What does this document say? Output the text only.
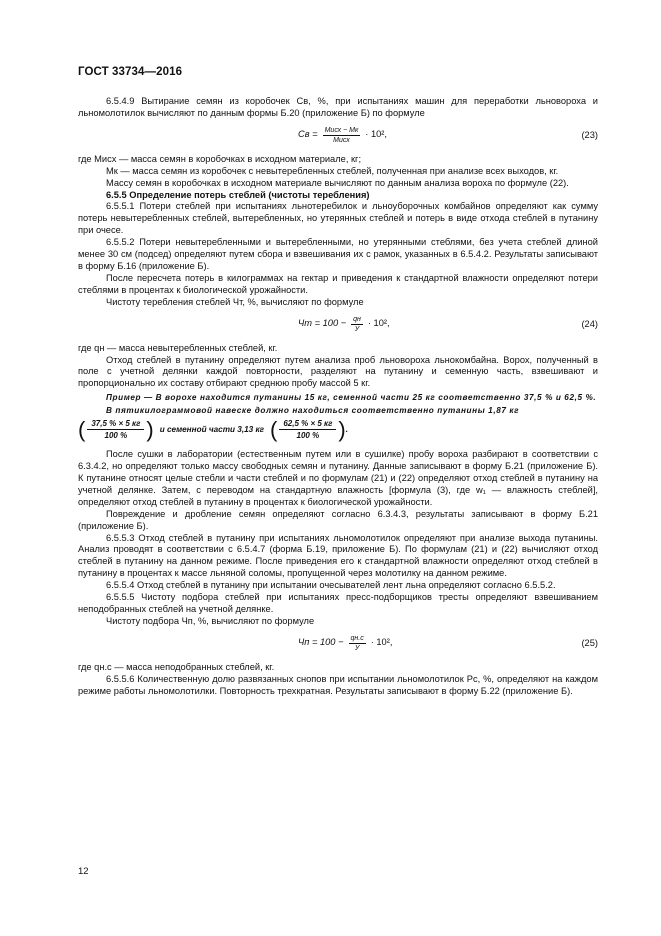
ГОСТ 33734—2016

6.5.4.9 Вытирание семян из коробочек Св, %, при испытаниях машин для переработки льновороха и льномолотилок вычисляют по данным формы Б.20 (приложение Б) по формуле

Св = $\frac{\text{Мисх − Мк}}{\text{Мисх}} \cdot 10^2$,	(23)

где Мисх — масса семян в коробочках в исходном материале, кг;

Мк — масса семян из коробочек с невытеребленных стеблей, полученная при анализе всех выходов, кг.

Массу семян в коробочках в исходном материале вычисляют по данным анализа вороха по формуле (22).

6.5.5 Определение потерь стеблей (чистоты теребления)

6.5.5.1 Потери стеблей при испытаниях льнотеребилок и льноуборочных комбайнов определяют как сумму потерь невытеребленных стеблей, вытеребленных, но утерянных стеблей и потерь в виде отхода стеблей в путанину при очесе.

6.5.5.2 Потери невытеребленными и вытеребленными, но утерянными стеблями, без учета стеблей длиной менее 30 см (подсед) определяют путем сбора и взвешивания их с рамок, указанных в 6.5.4.2. Результаты записывают в форму Б.16 (приложение Б).

После пересчета потерь в килограммах на гектар и приведения к стандартной влажности определяют потери стеблями в процентах к биологической урожайности.

Чистоту теребления стеблей Чт, %, вычисляют по формуле

Чт = $100 - \frac{qн}{У} \cdot 10^2$,	(24)

где qн — масса невытеребленных стеблей, кг.

Отход стеблей в путанину определяют путем анализа проб льновороха льнокомбайна. Ворох, полученный в поле с учетной делянки каждой повторности, разделяют на путанину и семенную часть, взвешивают и пропорционально их составу отбирают среднюю пробу массой 5 кг.

Пример — В ворохе находится путанины 15 кг, семенной части 25 кг соответственно 37,5 % и 62,5 %.

В пятикилограммовой навеске должно находиться соответственно путанины 1,87 кг

( 37,5 % × 5 кг
100 % ) и семенной части 3,13 кг ( 62,5 % × 5 кг
100 % ) .

После сушки в лаборатории (естественным путем или в сушилке) пробу вороха разбирают в соответствии с 6.3.4.2, но определяют только массу свободных семян и путанину. Данные записывают в форму Б.21 (приложение Б). К путанине относят целые стебли и части стеблей и по формулам (21) и (22) определяют отход стеблей в путанину на учетной делянке. Затем, с переводом на стандартную влажность [формула (3), где w₁ — влажность стеблей], определяют отход стеблей в путанину в процентах к биологической урожайности.

Повреждение и дробление семян определяют согласно 6.3.4.3, результаты записывают в форму Б.21 (приложение Б).

6.5.5.3 Отход стеблей в путанину при испытаниях льномолотилок определяют при анализе выхода путанины. Анализ проводят в соответствии с 6.5.4.7 (форма Б.19, приложение Б). По формулам (21) и (22) вычисляют отход стеблей в путанину на данном режиме. После приведения его к стандартной влажности определяют отход стеблей в путанину в процентах к массе льняной соломы, пропущенной через молотилку на данном режиме.

6.5.5.4 Отход стеблей в путанину при испытании очесывателей лент льна определяют согласно 6.5.5.2.

6.5.5.5 Чистоту подбора стеблей при испытаниях пресс-подборщиков тресты определяют взвешиванием неподобранных стеблей на учетной делянке.

Чистоту подбора Чп, %, вычисляют по формуле

Чп = $100 - \frac{qн.с}{У} \cdot 10^2$,	(25)

где qн.с — масса неподобранных стеблей, кг.

6.5.5.6 Количественную долю развязанных снопов при испытании льномолотилок Рс, %, определяют на каждом режиме работы льномолотилки. Повторность трехкратная. Результаты записывают в форму Б.22 (приложение Б).

12
